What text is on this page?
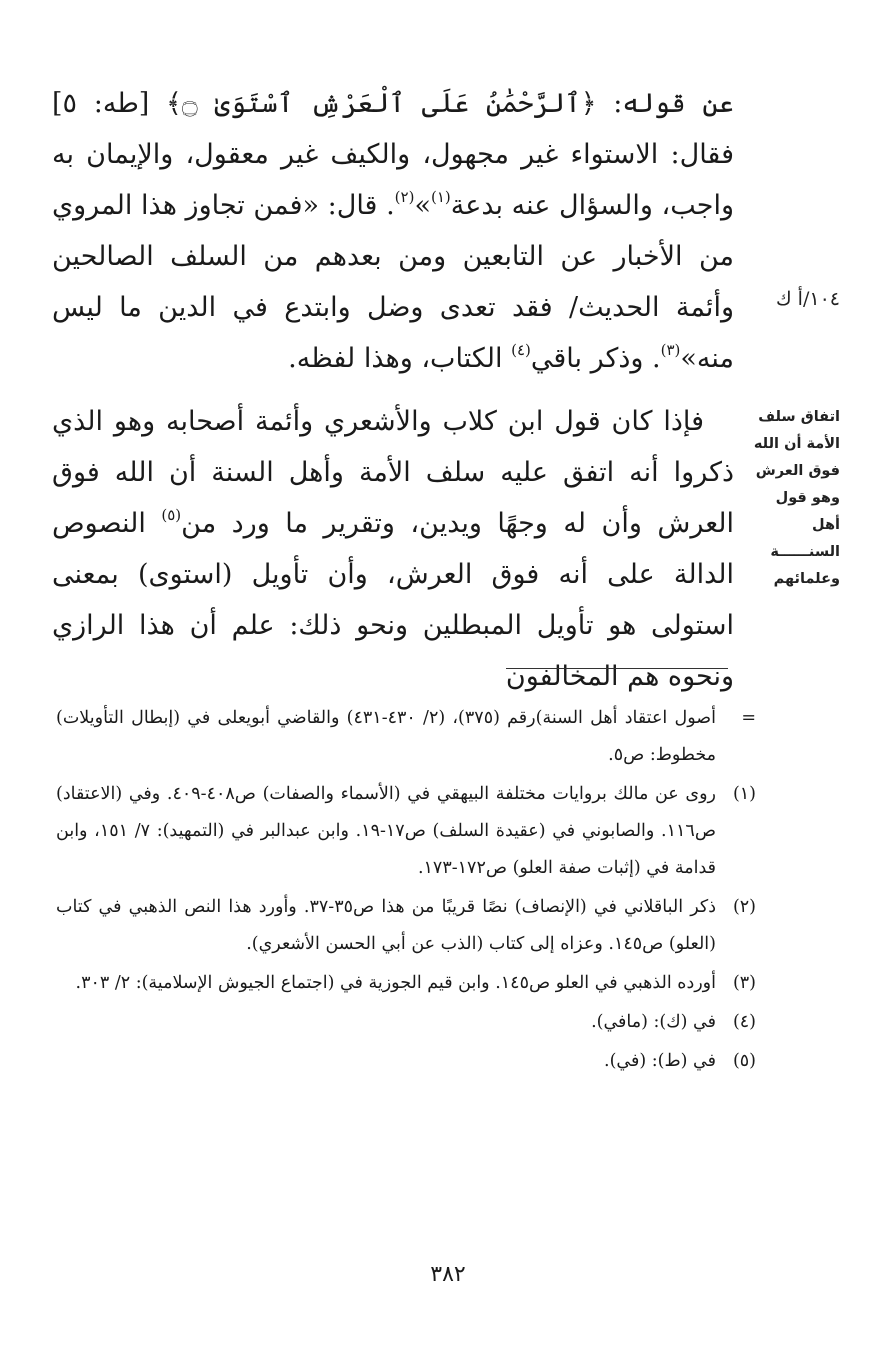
عن قوله: ﴿ٱلرَّحْمَٰنُ عَلَى ٱلْعَرْشِ ٱسْتَوَىٰ ۝﴾ [طه: ٥] فقال: الاستواء غير مجهول، والكيف غير معقول، والإيمان به واجب، والسؤال عنه بدعة$^{(١)}$»$^{(٢)}$. قال: «فمن تجاوز هذا المروي من الأخبار عن التابعين ومن بعدهم من السلف الصالحين وأئمة الحديث/ فقد تعدى وضل وابتدع في الدين ما ليس منه»$^{(٣)}$. وذكر باقي$^{(٤)}$ الكتاب، وهذا لفظه.

فإذا كان قول ابن كلاب والأشعري وأئمة أصحابه وهو الذي ذكروا أنه اتفق عليه سلف الأمة وأهل السنة أن الله فوق العرش وأن له وجهًا ويدين، وتقرير ما ورد من$^{(٥)}$ النصوص الدالة على أنه فوق العرش، وأن تأويل (استوى) بمعنى استولى هو تأويل المبطلين ونحو ذلك: علم أن هذا الرازي ونحوه هم المخالفون

١٠٤/أ ك
اتفاق سلف
الأمة أن الله
فوق العرش
وهو قول أهل
السنــــــة
وعلمائهم
=
أصول اعتقاد أهل السنة)رقم (٣٧٥)، (٢/ ٤٣٠-٤٣١) والقاضي أبويعلى في (إبطال التأويلات) مخطوط: ص٥.
(١)
روى عن مالك بروايات مختلفة البيهقي في (الأسماء والصفات) ص٤٠٨-٤٠٩. وفي (الاعتقاد) ص١١٦. والصابوني في (عقيدة السلف) ص١٧-١٩. وابن عبدالبر في (التمهيد): ٧/ ١٥١، وابن قدامة في (إثبات صفة العلو) ص١٧٢-١٧٣.
(٢)
ذكر الباقلاني في (الإنصاف) نصًا قريبًا من هذا ص٣٥-٣٧. وأورد هذا النص الذهبي في كتاب (العلو) ص١٤٥. وعزاه إلى كتاب (الذب عن أبي الحسن الأشعري).
(٣)
أورده الذهبي في العلو ص١٤٥. وابن قيم الجوزية في (اجتماع الجيوش الإسلامية): ٢/ ٣٠٣.
(٤)
في (ك): (مافي).
(٥)
في (ط): (في).
٣٨٢
